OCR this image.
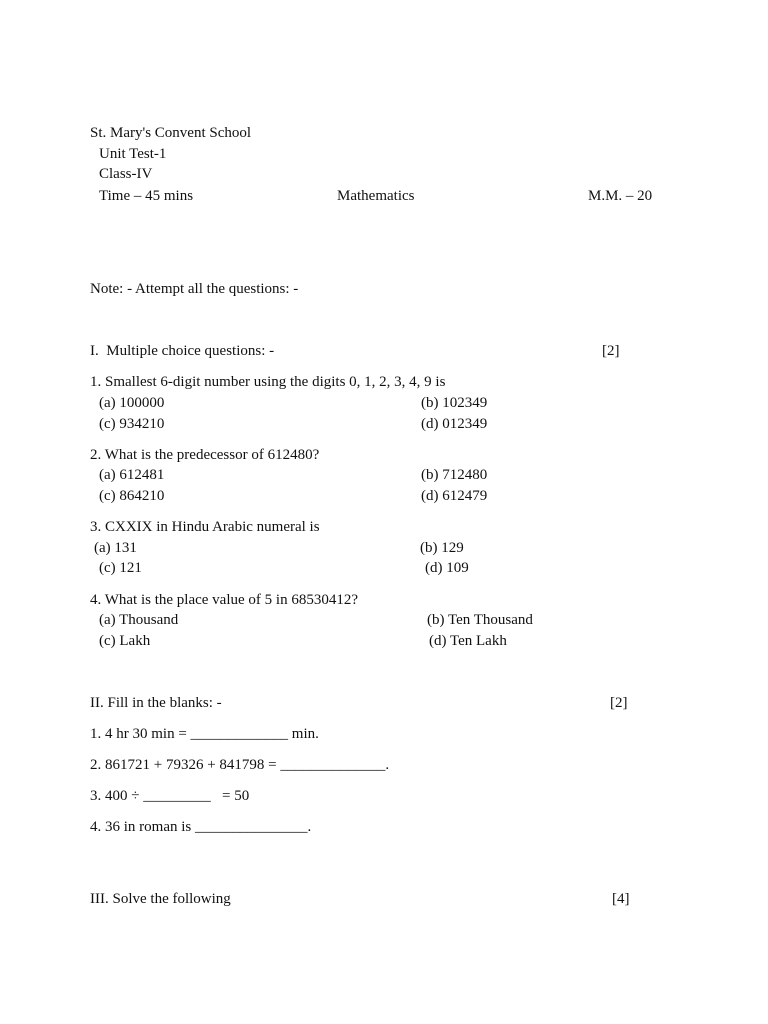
St. Mary's Convent School
Unit Test-1
Class-IV
Time – 45 mins	Mathematics	M.M. – 20
Note: - Attempt all the questions: -
I.  Multiple choice questions: -	[2]
1. Smallest 6-digit number using the digits 0, 1, 2, 3, 4, 9 is
(a) 100000	(b) 102349
(c) 934210	(d) 012349
2. What is the predecessor of 612480?
(a) 612481	(b) 712480
(c) 864210	(d) 612479
3. CXXIX in Hindu Arabic numeral is
(a) 131	(b) 129
(c) 121	(d) 109
4. What is the place value of 5 in 68530412?
(a) Thousand	(b) Ten Thousand
(c) Lakh	(d) Ten Lakh
II. Fill in the blanks: -	[2]
1. 4 hr 30 min = _____________ min.
2. 861721 + 79326 + 841798 = ______________.
3. 400 ÷ _________   = 50
4. 36 in roman is _______________.
III. Solve the following	[4]
